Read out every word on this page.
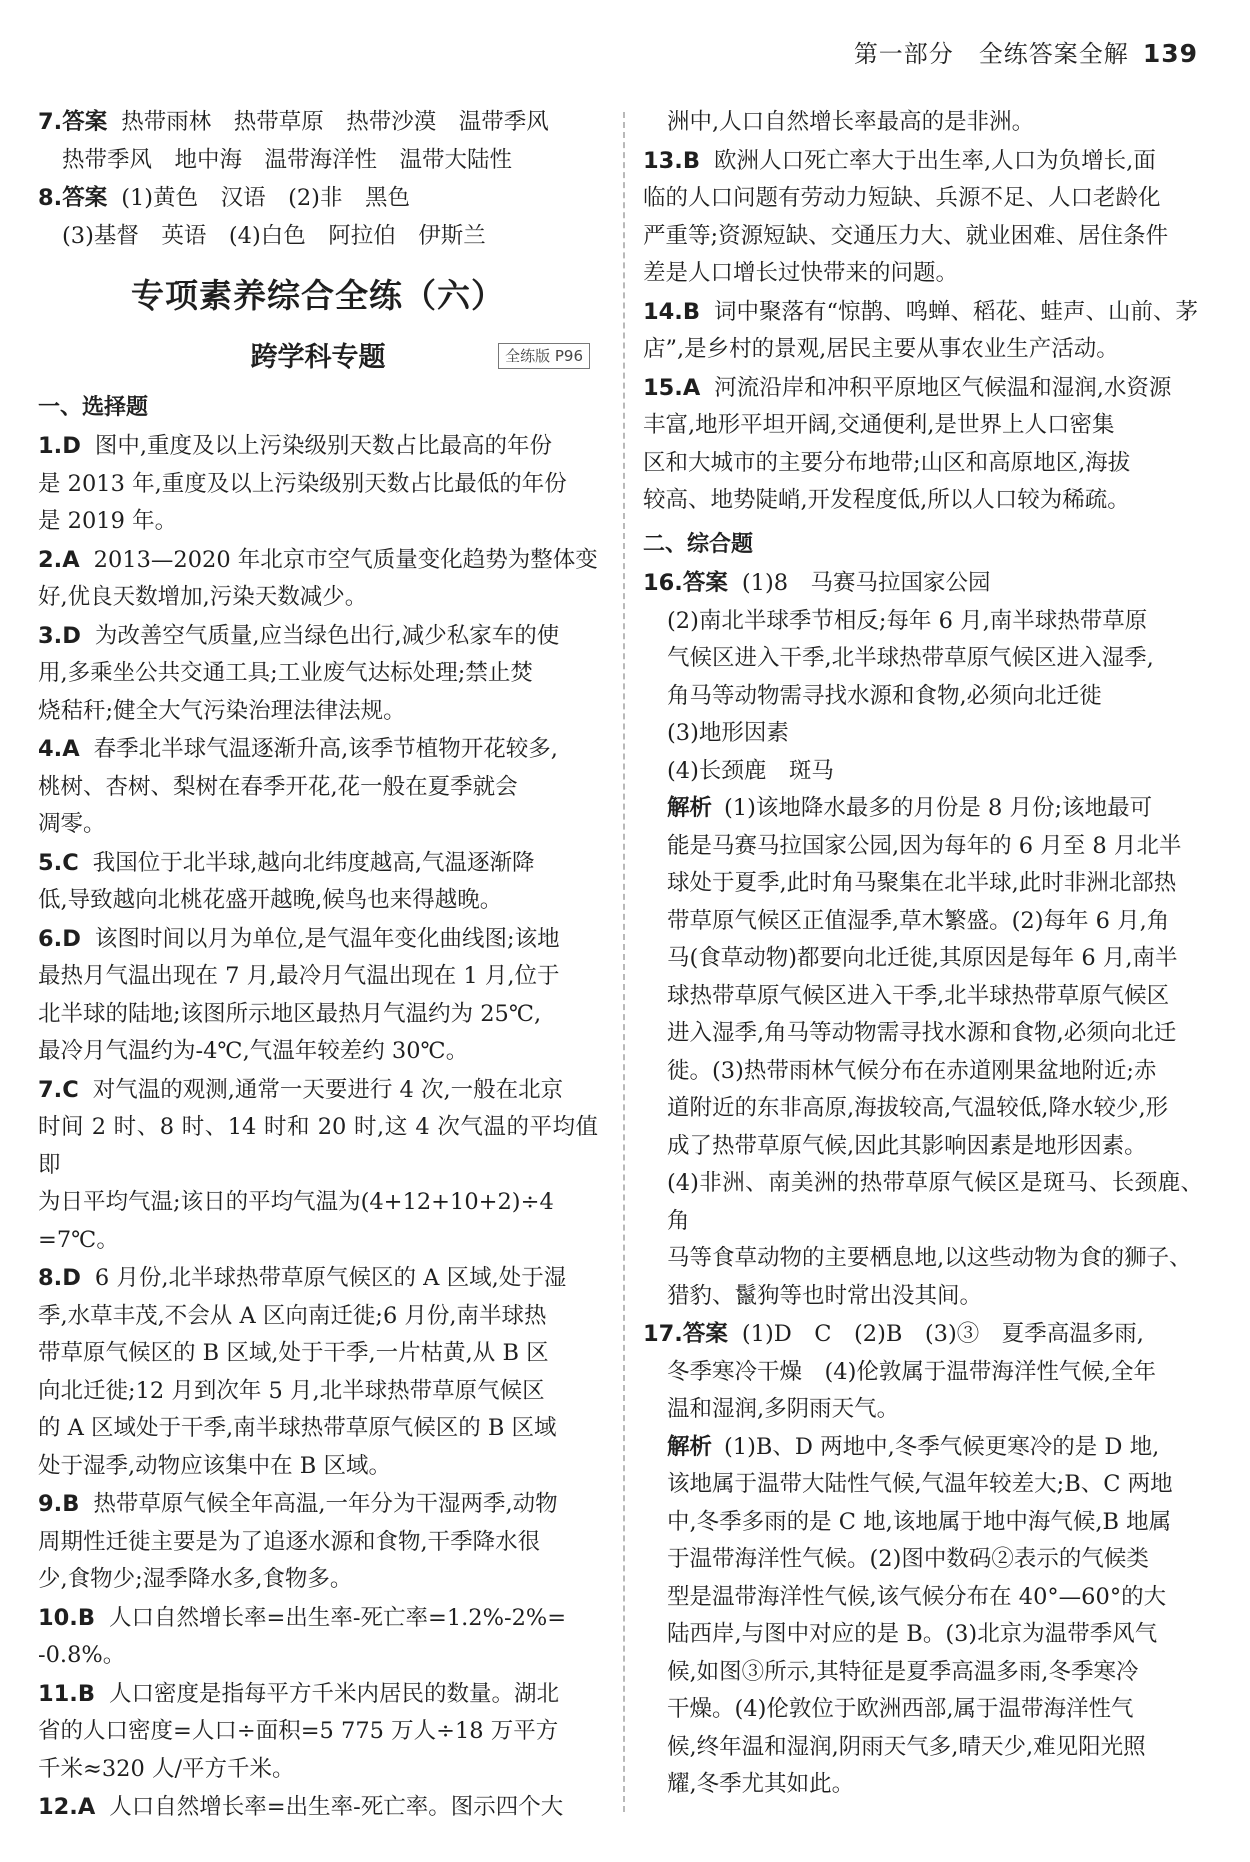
第一部分　全练答案全解 139
7.答案 热带雨林　热带草原　热带沙漠　温带季风
热带季风　地中海　温带海洋性　温带大陆性
8.答案 (1)黄色　汉语　(2)非　黑色
(3)基督　英语　(4)白色　阿拉伯　伊斯兰
专项素养综合全练（六）
跨学科专题	全练版 P96
一、选择题
1.D 图中,重度及以上污染级别天数占比最高的年份
是 2013 年,重度及以上污染级别天数占比最低的年份
是 2019 年。
2.A 2013—2020 年北京市空气质量变化趋势为整体变
好,优良天数增加,污染天数减少。
3.D 为改善空气质量,应当绿色出行,减少私家车的使
用,多乘坐公共交通工具;工业废气达标处理;禁止焚
烧秸秆;健全大气污染治理法律法规。
4.A 春季北半球气温逐渐升高,该季节植物开花较多,
桃树、杏树、梨树在春季开花,花一般在夏季就会
凋零。
5.C 我国位于北半球,越向北纬度越高,气温逐渐降
低,导致越向北桃花盛开越晚,候鸟也来得越晚。
6.D 该图时间以月为单位,是气温年变化曲线图;该地
最热月气温出现在 7 月,最冷月气温出现在 1 月,位于
北半球的陆地;该图所示地区最热月气温约为 25℃,
最冷月气温约为-4℃,气温年较差约 30℃。
7.C 对气温的观测,通常一天要进行 4 次,一般在北京
时间 2 时、8 时、14 时和 20 时,这 4 次气温的平均值即
为日平均气温;该日的平均气温为(4+12+10+2)÷4
=7℃。
8.D 6 月份,北半球热带草原气候区的 A 区域,处于湿
季,水草丰茂,不会从 A 区向南迁徙;6 月份,南半球热
带草原气候区的 B 区域,处于干季,一片枯黄,从 B 区
向北迁徙;12 月到次年 5 月,北半球热带草原气候区
的 A 区域处于干季,南半球热带草原气候区的 B 区域
处于湿季,动物应该集中在 B 区域。
9.B 热带草原气候全年高温,一年分为干湿两季,动物
周期性迁徙主要是为了追逐水源和食物,干季降水很
少,食物少;湿季降水多,食物多。
10.B 人口自然增长率=出生率-死亡率=1.2%-2%=
-0.8%。
11.B 人口密度是指每平方千米内居民的数量。湖北
省的人口密度=人口÷面积=5 775 万人÷18 万平方
千米≈320 人/平方千米。
12.A 人口自然增长率=出生率-死亡率。图示四个大
洲中,人口自然增长率最高的是非洲。
13.B 欧洲人口死亡率大于出生率,人口为负增长,面
临的人口问题有劳动力短缺、兵源不足、人口老龄化
严重等;资源短缺、交通压力大、就业困难、居住条件
差是人口增长过快带来的问题。
14.B 词中聚落有“惊鹊、鸣蝉、稻花、蛙声、山前、茅
店”,是乡村的景观,居民主要从事农业生产活动。
15.A 河流沿岸和冲积平原地区气候温和湿润,水资源
丰富,地形平坦开阔,交通便利,是世界上人口密集
区和大城市的主要分布地带;山区和高原地区,海拔
较高、地势陡峭,开发程度低,所以人口较为稀疏。
二、综合题
16.答案 (1)8　马赛马拉国家公园
(2)南北半球季节相反;每年 6 月,南半球热带草原
气候区进入干季,北半球热带草原气候区进入湿季,
角马等动物需寻找水源和食物,必须向北迁徙
(3)地形因素
(4)长颈鹿　斑马
解析 (1)该地降水最多的月份是 8 月份;该地最可
能是马赛马拉国家公园,因为每年的 6 月至 8 月北半
球处于夏季,此时角马聚集在北半球,此时非洲北部热
带草原气候区正值湿季,草木繁盛。(2)每年 6 月,角
马(食草动物)都要向北迁徙,其原因是每年 6 月,南半
球热带草原气候区进入干季,北半球热带草原气候区
进入湿季,角马等动物需寻找水源和食物,必须向北迁
徙。(3)热带雨林气候分布在赤道刚果盆地附近;赤
道附近的东非高原,海拔较高,气温较低,降水较少,形
成了热带草原气候,因此其影响因素是地形因素。
(4)非洲、南美洲的热带草原气候区是斑马、长颈鹿、角
马等食草动物的主要栖息地,以这些动物为食的狮子、
猎豹、鬣狗等也时常出没其间。
17.答案 (1)D　C　(2)B　(3)③　夏季高温多雨,
冬季寒冷干燥　(4)伦敦属于温带海洋性气候,全年
温和湿润,多阴雨天气。
解析 (1)B、D 两地中,冬季气候更寒冷的是 D 地,
该地属于温带大陆性气候,气温年较差大;B、C 两地
中,冬季多雨的是 C 地,该地属于地中海气候,B 地属
于温带海洋性气候。(2)图中数码②表示的气候类
型是温带海洋性气候,该气候分布在 40°—60°的大
陆西岸,与图中对应的是 B。(3)北京为温带季风气
候,如图③所示,其特征是夏季高温多雨,冬季寒冷
干燥。(4)伦敦位于欧洲西部,属于温带海洋性气
候,终年温和湿润,阴雨天气多,晴天少,难见阳光照
耀,冬季尤其如此。
